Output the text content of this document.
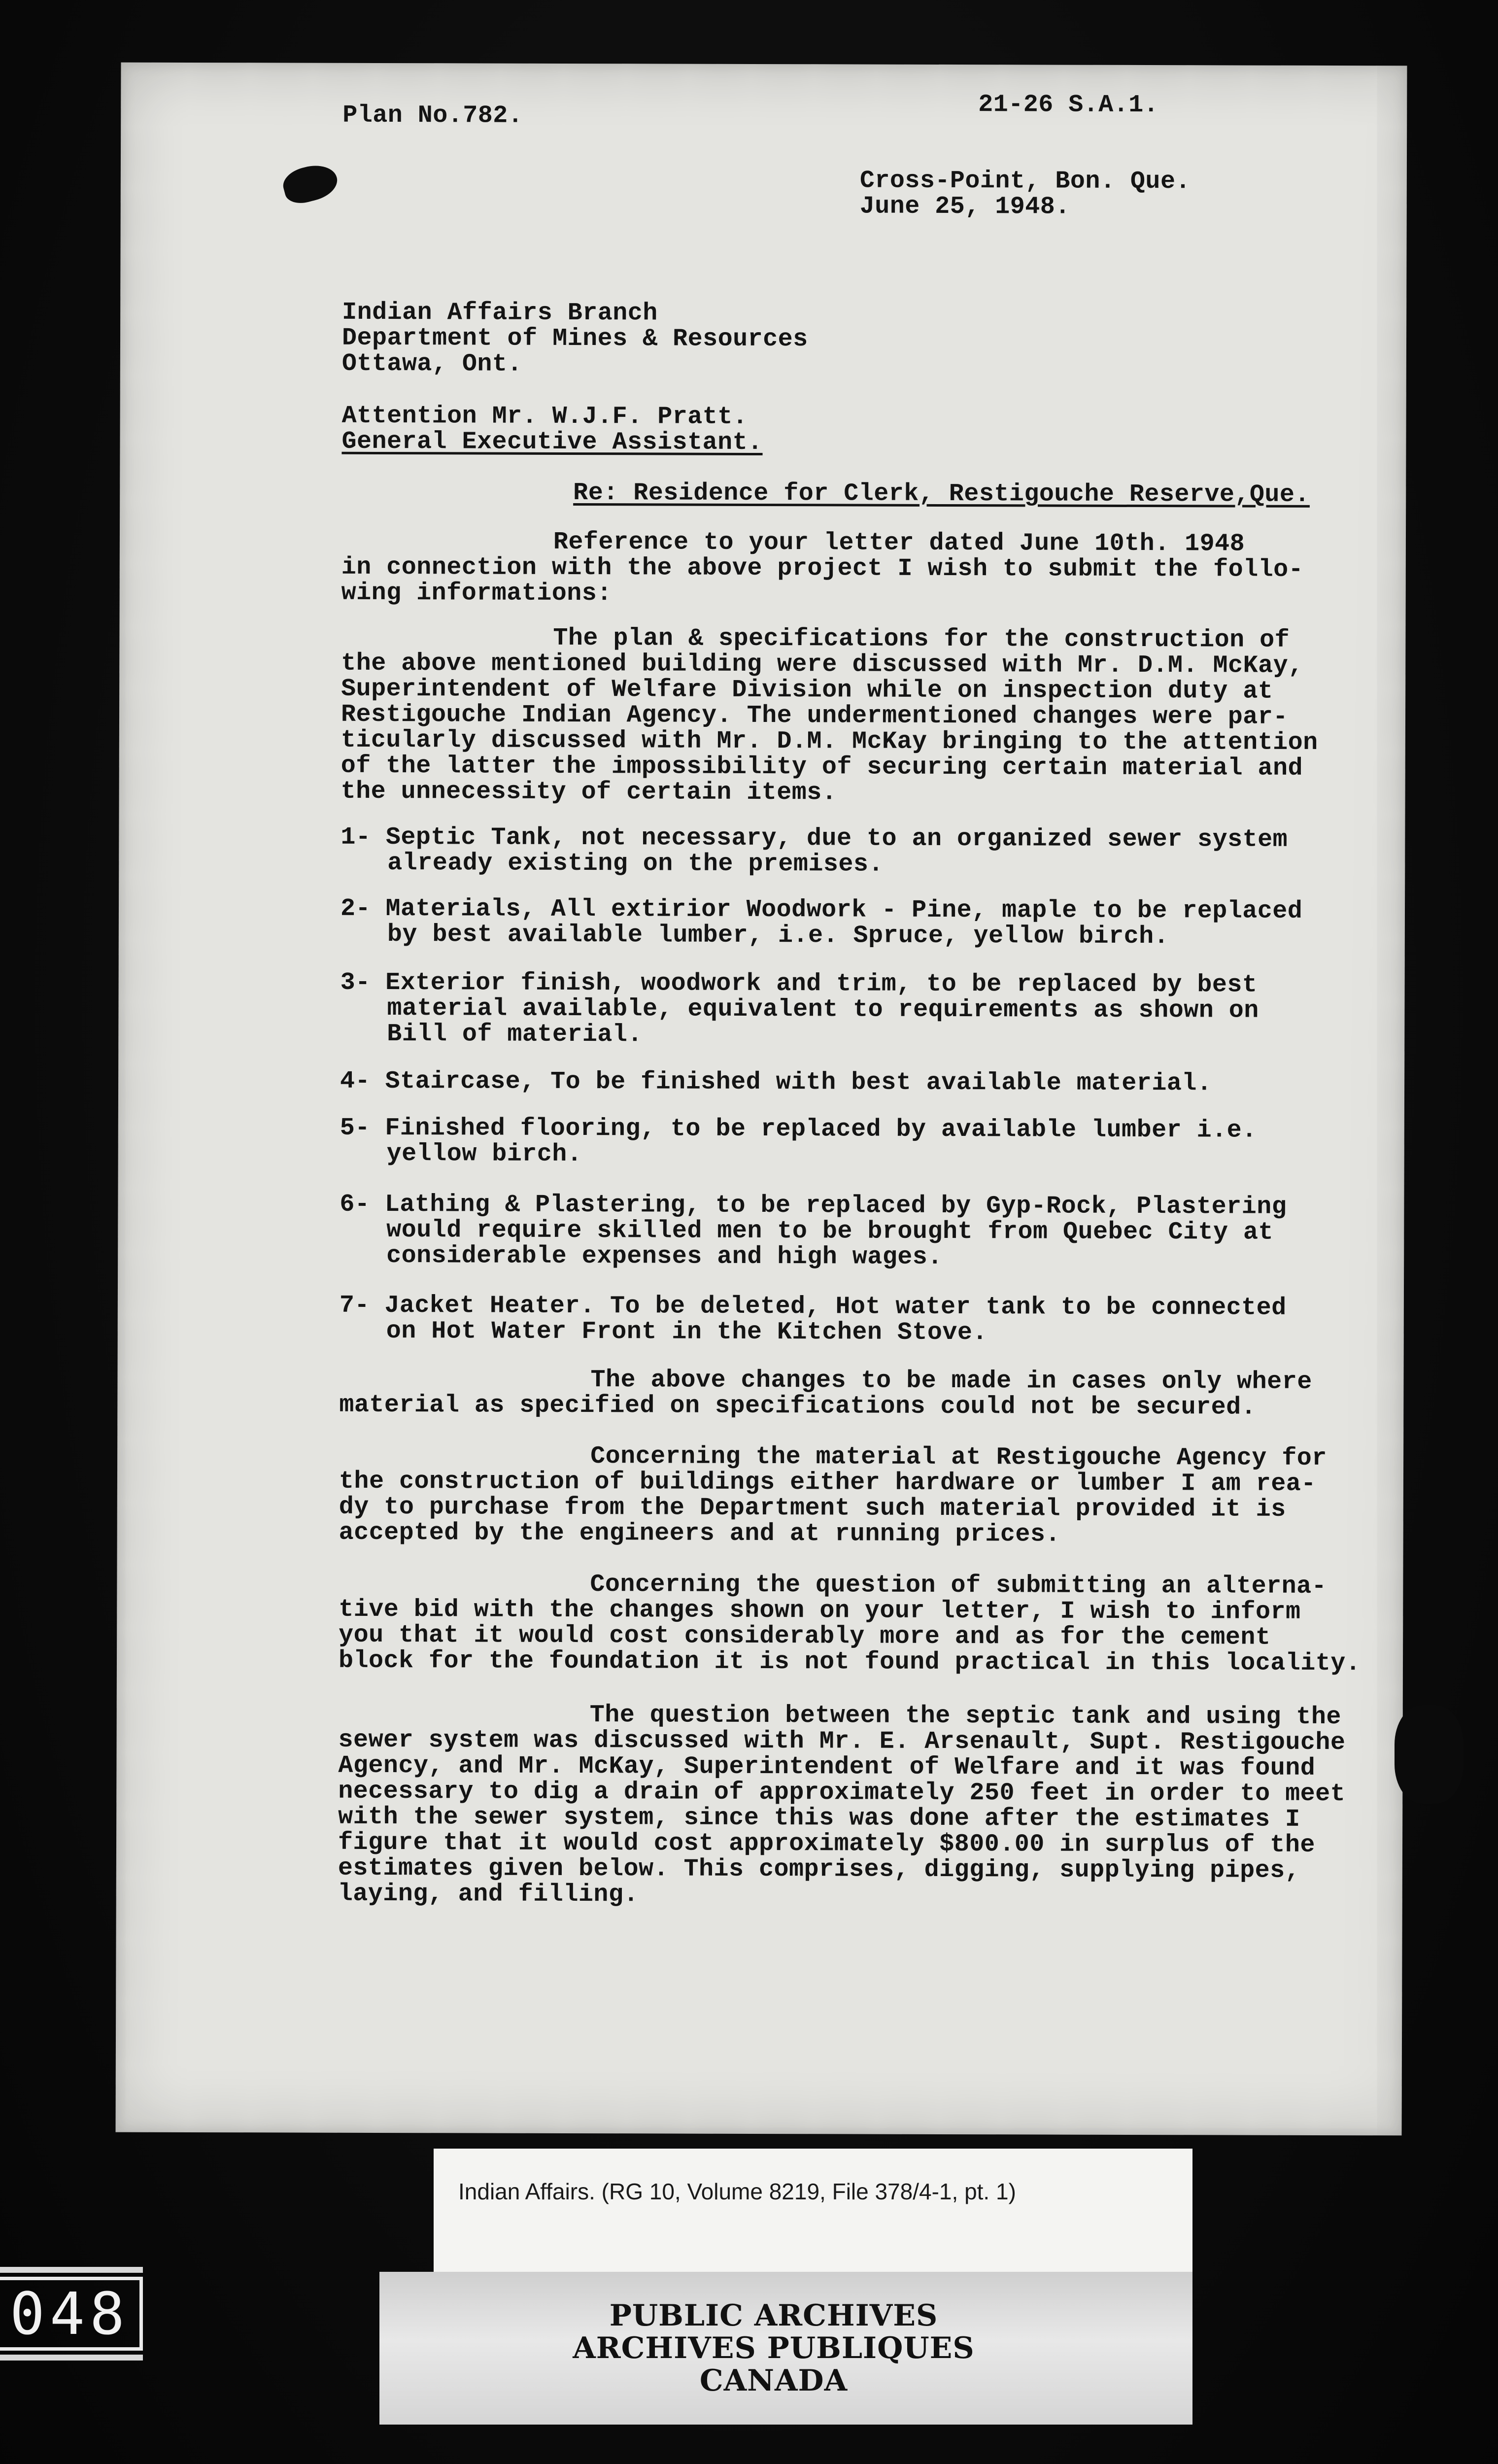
Plan No.782.	21-26 S.A.1.
Cross-Point, Bon. Que.
June 25, 1948.
Indian Affairs Branch
Department of Mines & Resources
Ottawa, Ont.
Attention Mr. W.J.F. Pratt.
General Executive Assistant.
Re: Residence for Clerk, Restigouche Reserve,Que.
Reference to your letter dated June 10th. 1948
in connection with the above project I wish to submit the follo-
wing informations:
The plan & specifications for the construction of
the above mentioned building were discussed with Mr. D.M. McKay,
Superintendent of Welfare Division while on inspection duty at
Restigouche Indian Agency. The undermentioned changes were par-
ticularly discussed with Mr. D.M. McKay bringing to the attention
of the latter the impossibility of securing certain material and
the unnecessity of certain items.
1- Septic Tank, not necessary, due to an organized sewer system
already existing on the premises.
2- Materials, All extirior Woodwork - Pine, maple to be replaced
by best available lumber, i.e. Spruce, yellow birch.
3- Exterior finish, woodwork and trim, to be replaced by best
material available, equivalent to requirements as shown on
Bill of material.
4- Staircase, To be finished with best available material.
5- Finished flooring, to be replaced by available lumber i.e.
yellow birch.
6- Lathing & Plastering, to be replaced by Gyp-Rock, Plastering
would require skilled men to be brought from Quebec City at
considerable expenses and high wages.
7- Jacket Heater. To be deleted, Hot water tank to be connected
on Hot Water Front in the Kitchen Stove.
The above changes to be made in cases only where
material as specified on specifications could not be secured.
Concerning the material at Restigouche Agency for
the construction of buildings either hardware or lumber I am rea-
dy to purchase from the Department such material provided it is
accepted by the engineers and at running prices.
Concerning the question of submitting an alterna-
tive bid with the changes shown on your letter, I wish to inform
you that it would cost considerably more and as for the cement
block for the foundation it is not found practical in this locality.
The question between the septic tank and using the
sewer system was discussed with Mr. E. Arsenault, Supt. Restigouche
Agency, and Mr. McKay, Superintendent of Welfare and it was found
necessary to dig a drain of approximately 250 feet in order to meet
with the sewer system, since this was done after the estimates I
figure that it would cost approximately $800.00 in surplus of the
estimates given below. This comprises, digging, supplying pipes,
laying, and filling.
Indian Affairs. (RG 10, Volume 8219, File 378/4-1, pt. 1)
PUBLIC ARCHIVES
ARCHIVES PUBLIQUES
CANADA
048
